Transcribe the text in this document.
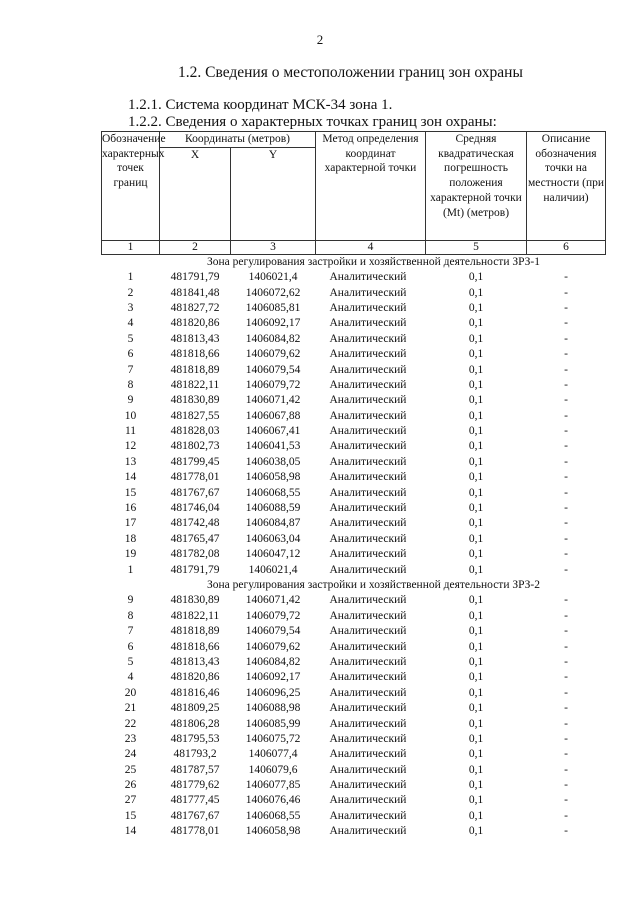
2
1.2. Сведения о местоположении границ зон охраны
1.2.1. Система координат МСК-34 зона 1.
1.2.2. Сведения о характерных точках границ зон охраны:
Обозначение характерных точек границ	Координаты (метров)		Метод определения координат характерной точки	Средняя квадратическая погрешность положения характерной точки (Mt) (метров)	Описание обозначения точки на местности (при наличии)
	X	Y			
1	2	3	4	5	6
Зона регулирования застройки и хозяйственной деятельности ЗРЗ-1					
1	481791,79	1406021,4	Аналитический	0,1	-
2	481841,48	1406072,62	Аналитический	0,1	-
3	481827,72	1406085,81	Аналитический	0,1	-
4	481820,86	1406092,17	Аналитический	0,1	-
5	481813,43	1406084,82	Аналитический	0,1	-
6	481818,66	1406079,62	Аналитический	0,1	-
7	481818,89	1406079,54	Аналитический	0,1	-
8	481822,11	1406079,72	Аналитический	0,1	-
9	481830,89	1406071,42	Аналитический	0,1	-
10	481827,55	1406067,88	Аналитический	0,1	-
11	481828,03	1406067,41	Аналитический	0,1	-
12	481802,73	1406041,53	Аналитический	0,1	-
13	481799,45	1406038,05	Аналитический	0,1	-
14	481778,01	1406058,98	Аналитический	0,1	-
15	481767,67	1406068,55	Аналитический	0,1	-
16	481746,04	1406088,59	Аналитический	0,1	-
17	481742,48	1406084,87	Аналитический	0,1	-
18	481765,47	1406063,04	Аналитический	0,1	-
19	481782,08	1406047,12	Аналитический	0,1	-
1	481791,79	1406021,4	Аналитический	0,1	-
Зона регулирования застройки и хозяйственной деятельности ЗРЗ-2					
9	481830,89	1406071,42	Аналитический	0,1	-
8	481822,11	1406079,72	Аналитический	0,1	-
7	481818,89	1406079,54	Аналитический	0,1	-
6	481818,66	1406079,62	Аналитический	0,1	-
5	481813,43	1406084,82	Аналитический	0,1	-
4	481820,86	1406092,17	Аналитический	0,1	-
20	481816,46	1406096,25	Аналитический	0,1	-
21	481809,25	1406088,98	Аналитический	0,1	-
22	481806,28	1406085,99	Аналитический	0,1	-
23	481795,53	1406075,72	Аналитический	0,1	-
24	481793,2	1406077,4	Аналитический	0,1	-
25	481787,57	1406079,6	Аналитический	0,1	-
26	481779,62	1406077,85	Аналитический	0,1	-
27	481777,45	1406076,46	Аналитический	0,1	-
15	481767,67	1406068,55	Аналитический	0,1	-
14	481778,01	1406058,98	Аналитический	0,1	-
